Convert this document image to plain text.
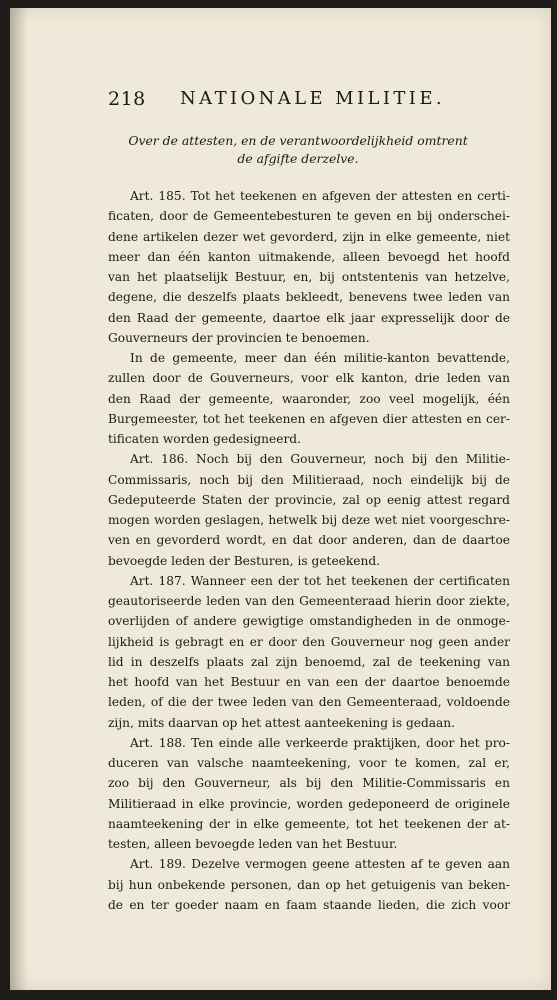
218 NATIONALE MILITIE.
Over de attesten, en de verantwoordelijkheid omtrent
de afgifte derzelve.
Art. 185. Tot het teekenen en afgeven der attesten en certi-
ficaten, door de Gemeentebesturen te geven en bij onderschei-
dene artikelen dezer wet gevorderd, zijn in elke gemeente, niet
meer dan één kanton uitmakende, alleen bevoegd het hoofd
van het plaatselijk Bestuur, en, bij ontstentenis van hetzelve,
degene, die deszelfs plaats bekleedt, benevens twee leden van
den Raad der gemeente, daartoe elk jaar expresselijk door de
Gouverneurs der provincien te benoemen.
In de gemeente, meer dan één militie-kanton bevattende,
zullen door de Gouverneurs, voor elk kanton, drie leden van
den Raad der gemeente, waaronder, zoo veel mogelijk, één
Burgemeester, tot het teekenen en afgeven dier attesten en cer-
tificaten worden gedesigneerd.
Art. 186. Noch bij den Gouverneur, noch bij den Militie-
Commissaris, noch bij den Militieraad, noch eindelijk bij de
Gedeputeerde Staten der provincie, zal op eenig attest regard
mogen worden geslagen, hetwelk bij deze wet niet voorgeschre-
ven en gevorderd wordt, en dat door anderen, dan de daartoe
bevoegde leden der Besturen, is geteekend.
Art. 187. Wanneer een der tot het teekenen der certificaten
geautoriseerde leden van den Gemeenteraad hierin door ziekte,
overlijden of andere gewigtige omstandigheden in de onmoge-
lijkheid is gebragt en er door den Gouverneur nog geen ander
lid in deszelfs plaats zal zijn benoemd, zal de teekening van
het hoofd van het Bestuur en van een der daartoe benoemde
leden, of die der twee leden van den Gemeenteraad, voldoende
zijn, mits daarvan op het attest aanteekening is gedaan.
Art. 188. Ten einde alle verkeerde praktijken, door het pro-
duceren van valsche naamteekening, voor te komen, zal er,
zoo bij den Gouverneur, als bij den Militie-Commissaris en
Militieraad in elke provincie, worden gedeponeerd de originele
naamteekening der in elke gemeente, tot het teekenen der at-
testen, alleen bevoegde leden van het Bestuur.
Art. 189. Dezelve vermogen geene attesten af te geven aan
bij hun onbekende personen, dan op het getuigenis van beken-
de en ter goeder naam en faam staande lieden, die zich voor
